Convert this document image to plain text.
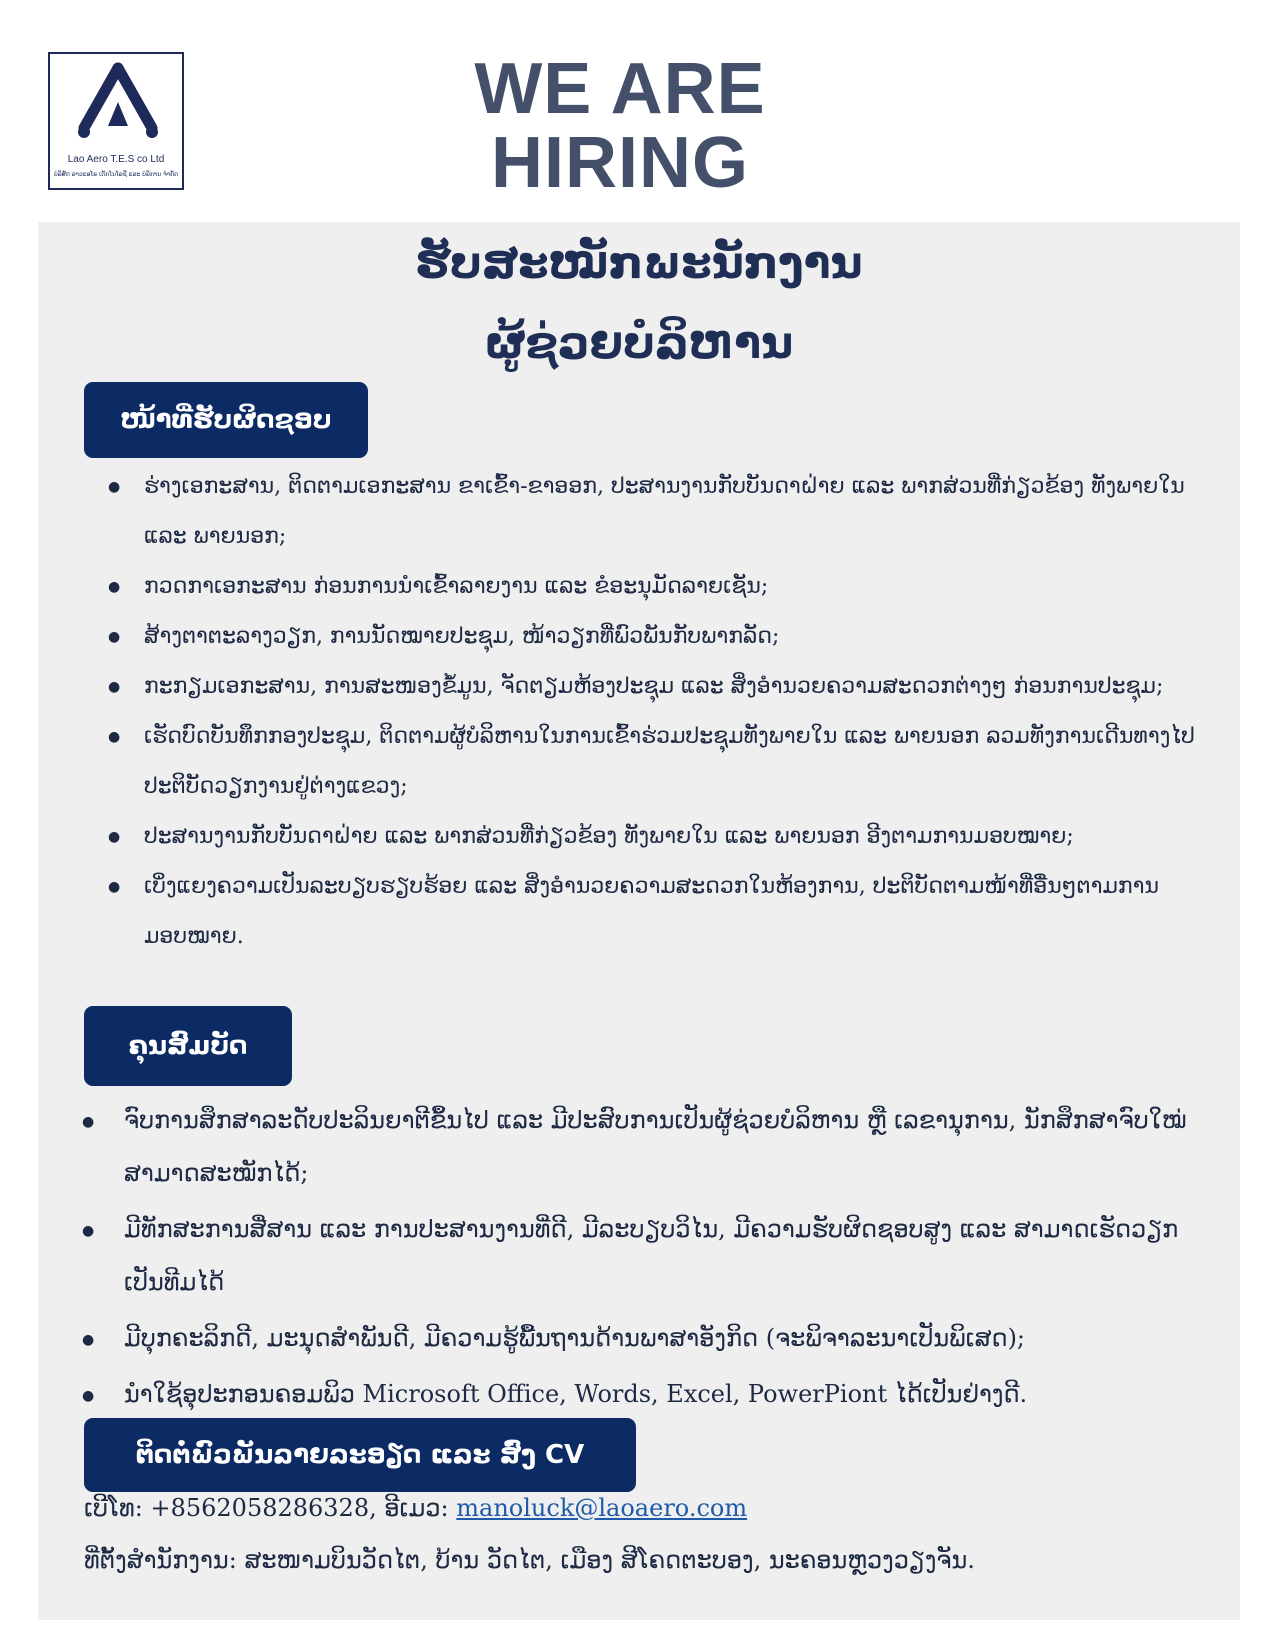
Lao Aero T.E.S co Ltd
ບໍລິສັດ ລາວແອໂຣ ເຕັກໂນໂລຊີ ແລະ ບໍລິການ ຈຳກັດ
WE ARE
HIRING
ຮັບສະໝັກພະນັກງານ
ຜູ້ຊ່ວຍບໍລິຫານ
ໜ້າທີ່ຮັບຜິດຊອບ
● ຮ່າງເອກະສານ, ຕິດຕາມເອກະສານ ຂາເຂົ້າ-ຂາອອກ, ປະສານງານກັບບັນດາຝ່າຍ ແລະ ພາກສ່ວນທີ່ກ່ຽວຂ້ອງ ທັງພາຍໃນ ແລະ ພາຍນອກ;
● ກວດກາເອກະສານ ກ່ອນການນຳເຂົ້າລາຍງານ ແລະ ຂໍອະນຸມັດລາຍເຊັນ;
● ສ້າງຕາຕະລາງວຽກ, ການນັດໝາຍປະຊຸມ, ໜ້າວຽກທີ່ພົວພັນກັບພາກລັດ;
● ກະກຽມເອກະສານ, ການສະໜອງຂໍ້ມູນ, ຈັດຕຽມຫ້ອງປະຊຸມ ແລະ ສິ່ງອຳນວຍຄວາມສະດວກຕ່າງໆ ກ່ອນການປະຊຸມ;
● ເຮັດບົດບັນທຶກກອງປະຊຸມ, ຕິດຕາມຜູ້ບໍລິຫານໃນການເຂົ້າຮ່ວມປະຊຸມທັງພາຍໃນ ແລະ ພາຍນອກ ລວມທັງການເດີນທາງໄປປະຕິບັດວຽກງານຢູ່ຕ່າງແຂວງ;
● ປະສານງານກັບບັນດາຝ່າຍ ແລະ ພາກສ່ວນທີ່ກ່ຽວຂ້ອງ ທັງພາຍໃນ ແລະ ພາຍນອກ ອີງຕາມການມອບໝາຍ;
● ເບິ່ງແຍງຄວາມເປັນລະບຽບຮຽບຮ້ອຍ ແລະ ສິ່ງອຳນວຍຄວາມສະດວກໃນຫ້ອງການ, ປະຕິບັດຕາມໜ້າທີ່ອື່ນໆຕາມການມອບໝາຍ.
ຄຸນສົມບັດ
● ຈົບການສຶກສາລະດັບປະລິນຍາຕີຂຶ້ນໄປ ແລະ ມີປະສົບການເປັນຜູ້ຊ່ວຍບໍລິຫານ ຫຼື ເລຂານຸການ, ນັກສຶກສາຈົບໃໝ່ສາມາດສະໝັກໄດ້;
● ມີທັກສະການສື່ສານ ແລະ ການປະສານງານທີ່ດີ, ມີລະບຽບວິໄນ, ມີຄວາມຮັບຜິດຊອບສູງ ແລະ ສາມາດເຮັດວຽກເປັນທີມໄດ້
● ມີບຸກຄະລິກດີ, ມະນຸດສຳພັນດີ, ມີຄວາມຮູ້ພື້ນຖານດ້ານພາສາອັງກິດ (ຈະພິຈາລະນາເປັນພິເສດ);
● ນຳໃຊ້ອຸປະກອນຄອມພິວ Microsoft Office, Words, Excel, PowerPiont ໄດ້ເປັນຢ່າງດີ.
ຕິດຕໍ່ພົວພັນລາຍລະອຽດ ແລະ ສົ່ງ CV
ເບີໂທ: +8562058286328, ອີເມວ: manoluck@laoaero.com
ທີ່ຕັ້ງສຳນັກງານ: ສະໜາມບິນວັດໄຕ, ບ້ານ ວັດໄຕ, ເມືອງ ສີໂຄດຕະບອງ, ນະຄອນຫຼວງວຽງຈັນ.
